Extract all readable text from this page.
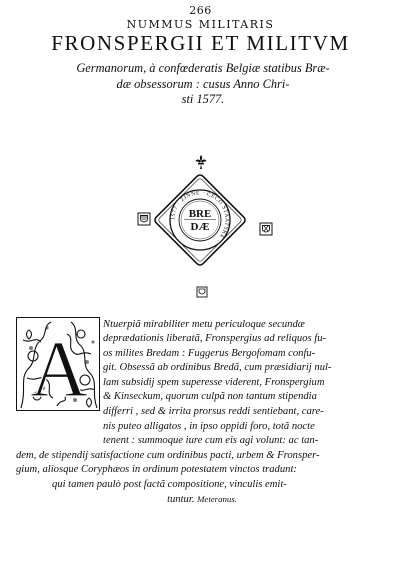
266
NUMMUS MILITARIS
FRONSPERGII ET MILITVM
Germanorum, à confœderatis Belgiæ statibus Bræ-
dæ obsessorum : cusus Anno Chri-
sti 1577.
1577 · ZINNE · CECO STAATSKE ·
BRE
DÆ
A
Ntuerpiã mirabiliter metu periculoque secundæ
deprædationis liberatã, Fronspergius ad reliquos fu-
os milites Bredam : Fuggerus Bergofomam confu-
git. Obsessã ab ordinibus Bredã, cum præsidiarij nul-
lam subsidij spem superesse viderent, Fronspergium
& Kinseckum, quorum culpã non tantum stipendia
differri , sed & irrita prorsus reddi sentiebant, care-
nis puteo alligatos , in ipso oppidi foro, totã nocte
tenent : summoque iure cum eis agi volunt: ac tan-
dem, de stipendij satisfactione cum ordinibus pacti, urbem & Fronsper-
gium, aliosque Coryphæos in ordinum potestatem vinctos tradunt:
qui tamen paulò post factã compositione, vinculis emit-
tuntur. Meteranus.
